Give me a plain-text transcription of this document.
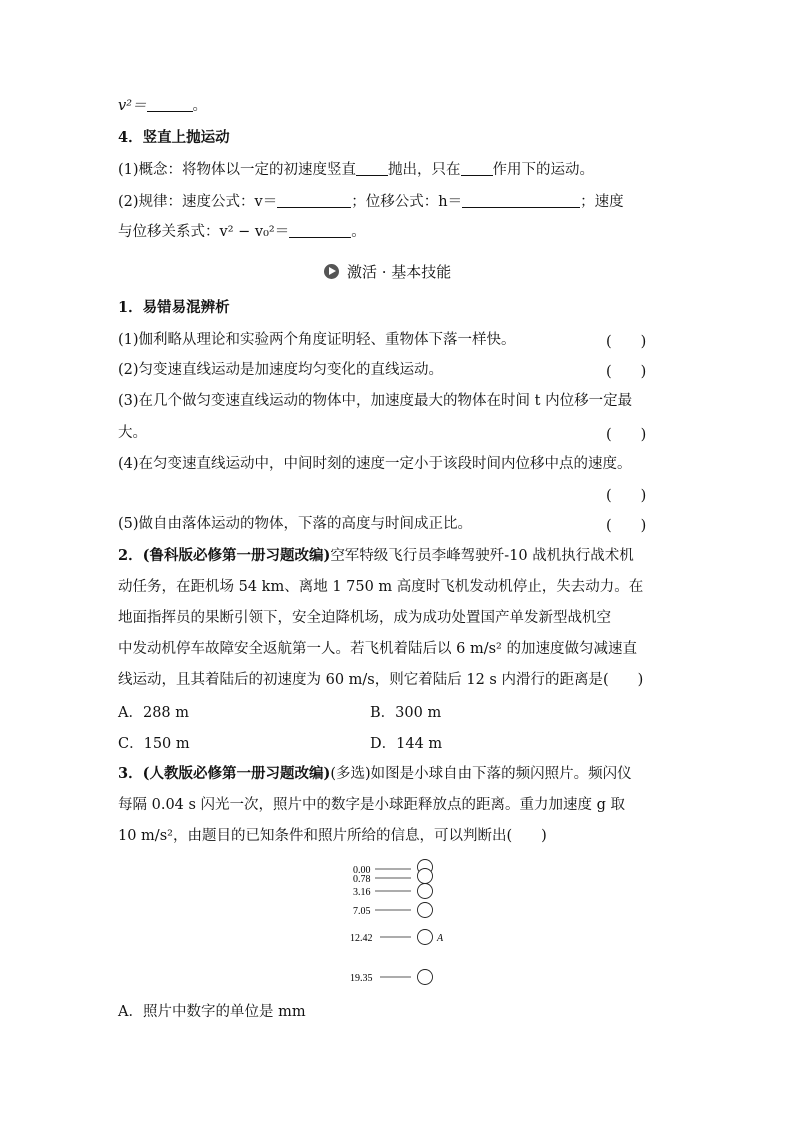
v²＝	。
4．竖直上抛运动
(1)概念：将物体以一定的初速度竖直 抛出，只在 作用下的运动。
(2)规律：速度公式：v＝	；位移公式：h＝	；速度
与位移关系式：v² − v₀²＝	。
激活 · 基本技能
1．易错易混辨析
(1)伽利略从理论和实验两个角度证明轻、重物体下落一样快。	(　　)
(2)匀变速直线运动是加速度均匀变化的直线运动。	(　　)
(3)在几个做匀变速直线运动的物体中，加速度最大的物体在时间 t 内位移一定最
大。	(　　)
(4)在匀变速直线运动中，中间时刻的速度一定小于该段时间内位移中点的速度。
(　　)
(5)做自由落体运动的物体，下落的高度与时间成正比。	(　　)
2．(鲁科版必修第一册习题改编)空军特级飞行员李峰驾驶歼-10 战机执行战术机
动任务，在距机场 54 km、离地 1 750 m 高度时飞机发动机停止，失去动力。在
地面指挥员的果断引领下，安全迫降机场，成为成功处置国产单发新型战机空
中发动机停车故障安全返航第一人。若飞机着陆后以 6 m/s² 的加速度做匀减速直
线运动，且其着陆后的初速度为 60 m/s，则它着陆后 12 s 内滑行的距离是(　　)
A．288 m	B．300 m
C．150 m	D．144 m
3．(人教版必修第一册习题改编)(多选)如图是小球自由下落的频闪照片。频闪仪
每隔 0.04 s 闪光一次，照片中的数字是小球距释放点的距离。重力加速度 g 取
10 m/s²，由题目的已知条件和照片所给的信息，可以判断出(　　)
0.00
0.78
3.16
7.05
12.42
19.35
A
A．照片中数字的单位是 mm
